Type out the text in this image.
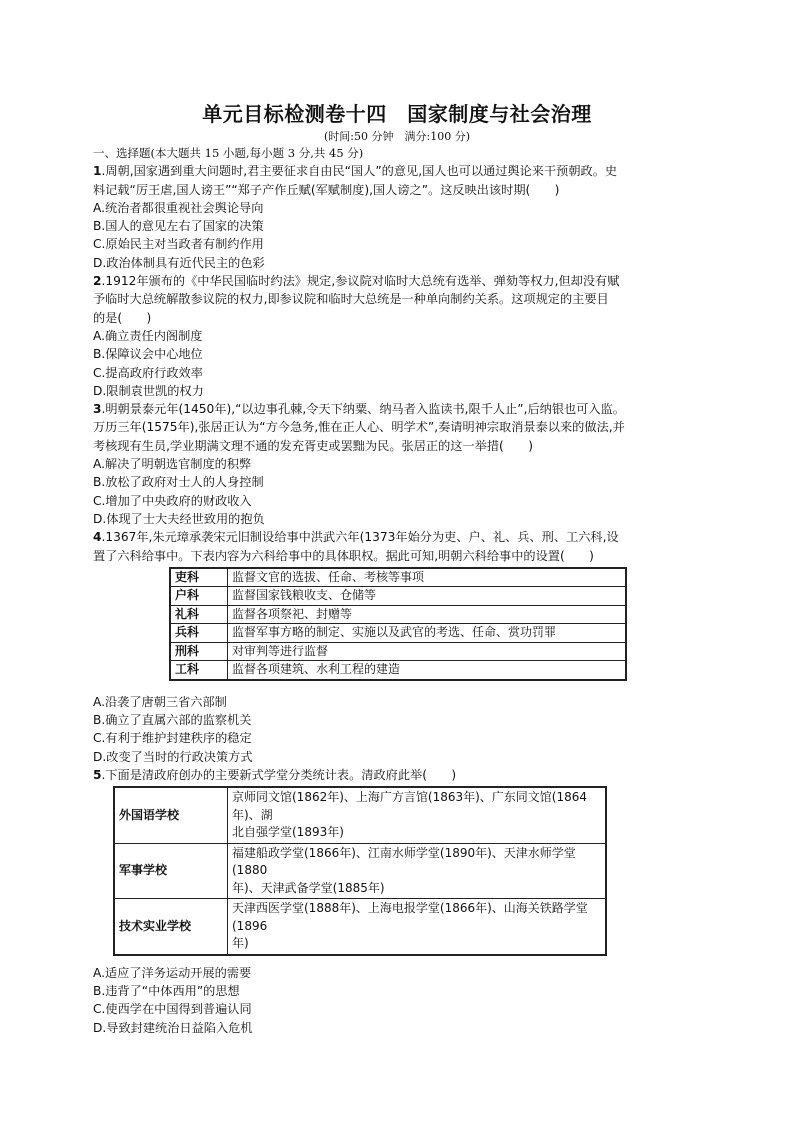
单元目标检测卷十四　国家制度与社会治理
(时间:50 分钟　满分:100 分)
一、选择题(本大题共 15 小题,每小题 3 分,共 45 分)
1.周朝,国家遇到重大问题时,君主要征求自由民“国人”的意见,国人也可以通过舆论来干预朝政。史
料记载“厉王虐,国人谤王”“郑子产作丘赋(军赋制度),国人谤之”。这反映出该时期(　　)
A.统治者都很重视社会舆论导向
B.国人的意见左右了国家的决策
C.原始民主对当政者有制约作用
D.政治体制具有近代民主的色彩
2.1912年颁布的《中华民国临时约法》规定,参议院对临时大总统有选举、弹劾等权力,但却没有赋
予临时大总统解散参议院的权力,即参议院和临时大总统是一种单向制约关系。这项规定的主要目
的是(　　)
A.确立责任内阁制度
B.保障议会中心地位
C.提高政府行政效率
D.限制袁世凯的权力
3.明朝景泰元年(1450年),“以边事孔棘,令天下纳粟、纳马者入监读书,限千人止”,后纳银也可入监。
万历三年(1575年),张居正认为“方今急务,惟在正人心、明学术”,奏请明神宗取消景泰以来的做法,并
考核现有生员,学业期满文理不通的发充胥吏或罢黜为民。张居正的这一举措(　　)
A.解决了明朝选官制度的积弊
B.放松了政府对士人的人身控制
C.增加了中央政府的财政收入
D.体现了士大夫经世致用的抱负
4.1367年,朱元璋承袭宋元旧制设给事中洪武六年(1373年始分为吏、户、礼、兵、刑、工六科,设
置了六科给事中。下表内容为六科给事中的具体职权。据此可知,明朝六科给事中的设置(　　)
吏科	监督文官的选拔、任命、考核等事项
户科	监督国家钱粮收支、仓储等
礼科	监督各项祭祀、封赠等
兵科	监督军事方略的制定、实施以及武官的考选、任命、赏功罚罪
刑科	对审判等进行监督
工科	监督各项建筑、水利工程的建造
A.沿袭了唐朝三省六部制
B.确立了直属六部的监察机关
C.有利于维护封建秩序的稳定
D.改变了当时的行政决策方式
5.下面是清政府创办的主要新式学堂分类统计表。清政府此举(　　)
外国语学校	京师同文馆(1862年)、上海广方言馆(1863年)、广东同文馆(1864年)、湖
北自强学堂(1893年)

军事学校	福建船政学堂(1866年)、江南水师学堂(1890年)、天津水师学堂(1880
年)、天津武备学堂(1885年)

技术实业学校	天津西医学堂(1888年)、上海电报学堂(1866年)、山海关铁路学堂(1896
年)
A.适应了洋务运动开展的需要
B.违背了“中体西用”的思想
C.使西学在中国得到普遍认同
D.导致封建统治日益陷入危机
